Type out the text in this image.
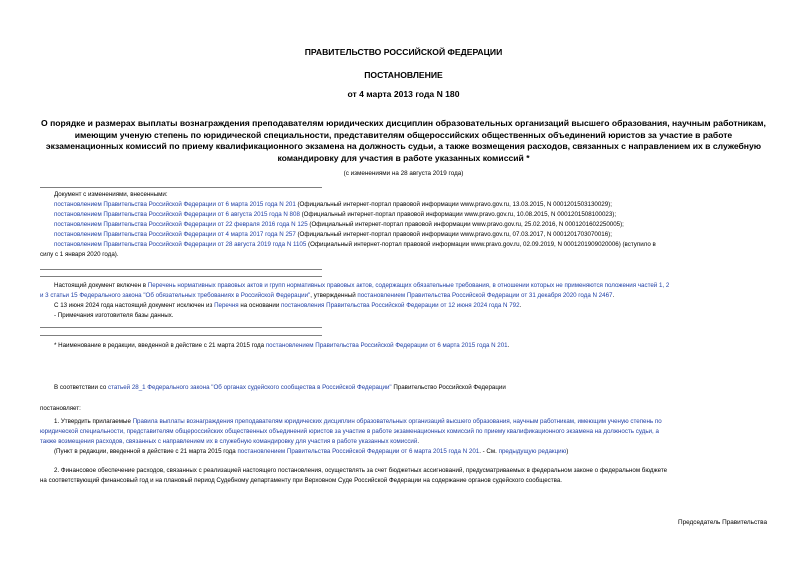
ПРАВИТЕЛЬСТВО РОССИЙСКОЙ ФЕДЕРАЦИИ
ПОСТАНОВЛЕНИЕ
от 4 марта 2013 года N 180
О порядке и размерах выплаты вознаграждения преподавателям юридических дисциплин образовательных организаций высшего образования, научным работникам, имеющим ученую степень по юридической специальности, представителям общероссийских общественных объединений юристов за участие в работе экзаменационных комиссий по приему квалификационного экзамена на должность судьи, а также возмещения расходов, связанных с направлением их в служебную командировку для участия в работе указанных комиссий *
(с изменениями на 28 августа 2019 года)
Документ с изменениями, внесенными:
постановлением Правительства Российской Федерации от 6 марта 2015 года N 201 (Официальный интернет-портал правовой информации www.pravo.gov.ru, 13.03.2015, N 0001201503130029);
постановлением Правительства Российской Федерации от 6 августа 2015 года N 808 (Официальный интернет-портал правовой информации www.pravo.gov.ru, 10.08.2015, N 0001201508100023);
постановлением Правительства Российской Федерации от 22 февраля 2016 года N 125 (Официальный интернет-портал правовой информации www.pravo.gov.ru, 25.02.2016, N 0001201602250005);
постановлением Правительства Российской Федерации от 4 марта 2017 года N 257 (Официальный интернет-портал правовой информации www.pravo.gov.ru, 07.03.2017, N 0001201703070016);
постановлением Правительства Российской Федерации от 28 августа 2019 года N 1105 (Официальный интернет-портал правовой информации www.pravo.gov.ru, 02.09.2019, N 0001201909020006) (вступило в
силу с 1 января 2020 года).
Настоящий документ включен в Перечень нормативных правовых актов и групп нормативных правовых актов, содержащих обязательные требования, в отношении которых не применяются положения частей 1, 2
и 3 статьи 15 Федерального закона "Об обязательных требованиях в Российской Федерации", утвержденный постановлением Правительства Российской Федерации от 31 декабря 2020 года N 2467.
С 13 июня 2024 года настоящий документ исключен из Перечня на основании постановления Правительства Российской Федерации от 12 июня 2024 года N 792.
- Примечания изготовителя базы данных.
* Наименование в редакции, введенной в действие с 21 марта 2015 года постановлением Правительства Российской Федерации от 6 марта 2015 года N 201.
В соответствии со статьей 28_1 Федерального закона "Об органах судейского сообщества в Российской Федерации" Правительство Российской Федерации
постановляет:
1. Утвердить прилагаемые Правила выплаты вознаграждения преподавателям юридических дисциплин образовательных организаций высшего образования, научным работникам, имеющим ученую степень по
юридической специальности, представителям общероссийских общественных объединений юристов за участие в работе экзаменационных комиссий по приему квалификационного экзамена на должность судьи, а
также возмещения расходов, связанных с направлением их в служебную командировку для участия в работе указанных комиссий.
(Пункт в редакции, введенной в действие с 21 марта 2015 года постановлением Правительства Российской Федерации от 6 марта 2015 года N 201. - См. предыдущую редакцию)
2. Финансовое обеспечение расходов, связанных с реализацией настоящего постановления, осуществлять за счет бюджетных ассигнований, предусматриваемых в федеральном законе о федеральном бюджете
на соответствующий финансовый год и на плановый период Судебному департаменту при Верховном Суде Российской Федерации на содержание органов судейского сообщества.
Председатель Правительства
